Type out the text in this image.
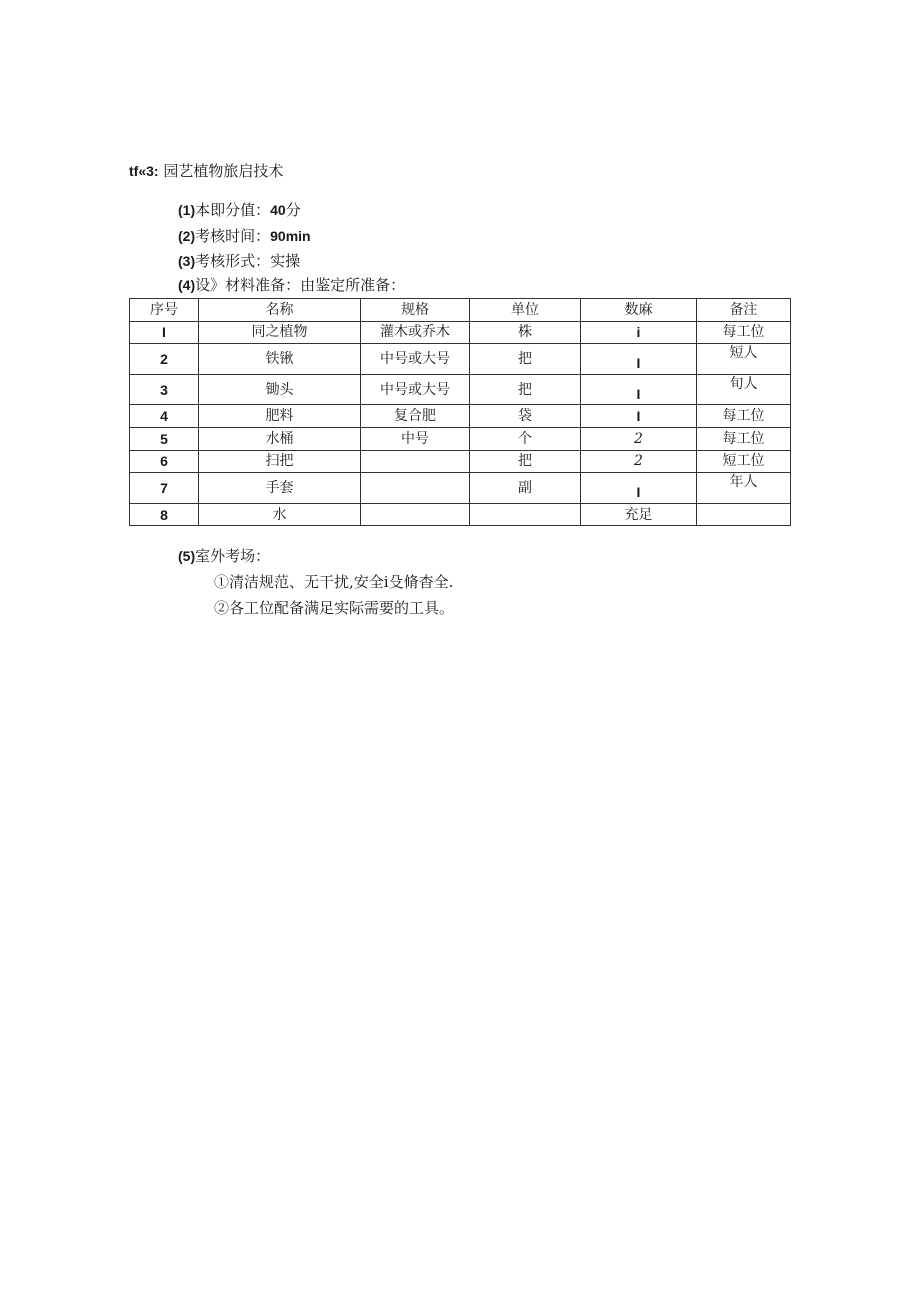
tf«3: 园艺植物旅启技术
(1)本即分值：40分
(2)考核时间：90min
(3)考核形式：实操
(4)设》材料准备：由鉴定所准备：
序号	名称	规格	单位	数麻	备注
I	同之植物	灌木或乔木	株	i	每工位
2	铁锹	中号或大号	把	I	短人
3	锄头	中号或大号	把	I	旬人
4	肥料	复合肥	袋	I	每工位
5	水桶	中号	个	2	每工位
6	扫把		把	2	短工位
7	手套		副	I	年人
8	水			充足	
(5)室外考场：
①清洁规范、无干扰,安全i殳脩杳全.
②各工位配备满足实际需要的工具。
